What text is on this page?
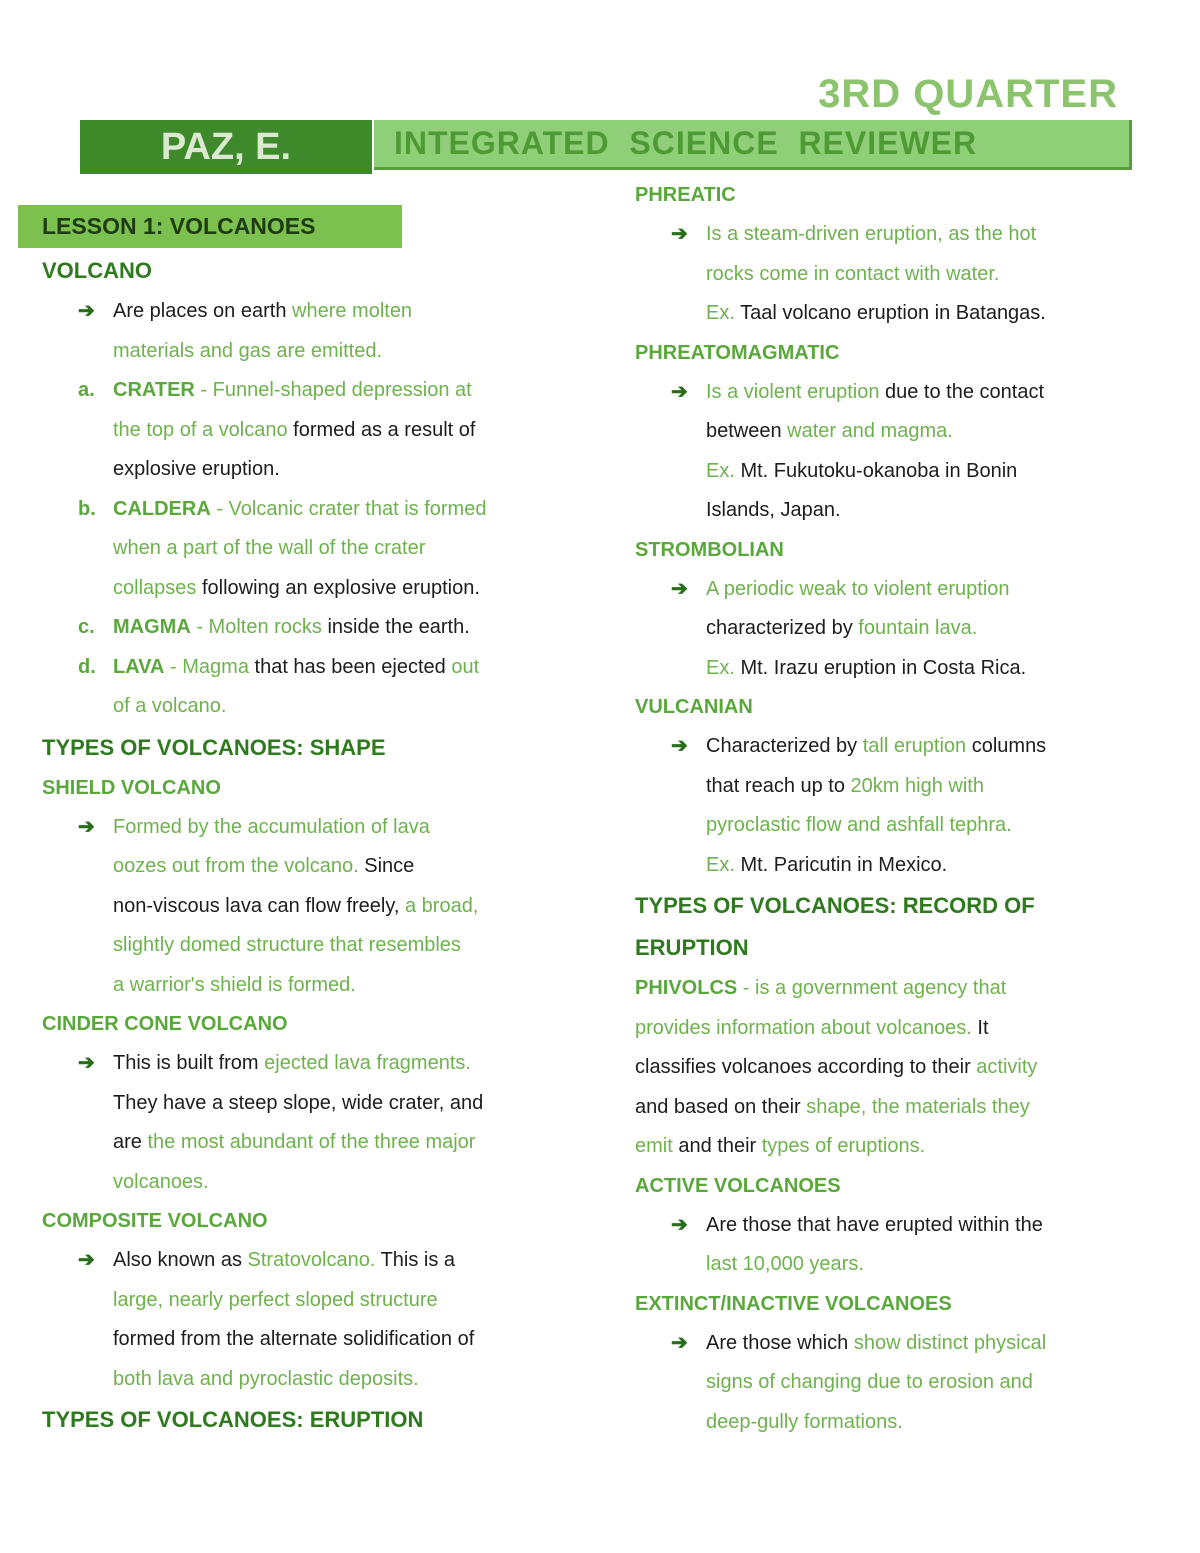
3RD QUARTER
PAZ, E.	INTEGRATED  SCIENCE  REVIEWER
LESSON 1: VOLCANOES
VOLCANO
➔ Are places on earth where molten
materials and gas are emitted.
a. CRATER - Funnel-shaped depression at
the top of a volcano formed as a result of
explosive eruption.
b. CALDERA - Volcanic crater that is formed
when a part of the wall of the crater
collapses following an explosive eruption.
c. MAGMA - Molten rocks inside the earth.
d. LAVA - Magma that has been ejected out
of a volcano.
TYPES OF VOLCANOES: SHAPE
SHIELD VOLCANO
➔ Formed by the accumulation of lava
oozes out from the volcano. Since
non-viscous lava can flow freely, a broad,
slightly domed structure that resembles
a warrior's shield is formed.
CINDER CONE VOLCANO
➔ This is built from ejected lava fragments.
They have a steep slope, wide crater, and
are the most abundant of the three major
volcanoes.
COMPOSITE VOLCANO
➔ Also known as Stratovolcano. This is a
large, nearly perfect sloped structure
formed from the alternate solidification of
both lava and pyroclastic deposits.
TYPES OF VOLCANOES: ERUPTION
PHREATIC
➔ Is a steam-driven eruption, as the hot
rocks come in contact with water.
Ex. Taal volcano eruption in Batangas.
PHREATOMAGMATIC
➔ Is a violent eruption due to the contact
between water and magma.
Ex. Mt. Fukutoku-okanoba in Bonin
Islands, Japan.
STROMBOLIAN
➔ A periodic weak to violent eruption
characterized by fountain lava.
Ex. Mt. Irazu eruption in Costa Rica.
VULCANIAN
➔ Characterized by tall eruption columns
that reach up to 20km high with
pyroclastic flow and ashfall tephra.
Ex. Mt. Paricutin in Mexico.
TYPES OF VOLCANOES: RECORD OF
ERUPTION
PHIVOLCS - is a government agency that
provides information about volcanoes. It
classifies volcanoes according to their activity
and based on their shape, the materials they
emit and their types of eruptions.
ACTIVE VOLCANOES
➔ Are those that have erupted within the
last 10,000 years.
EXTINCT/INACTIVE VOLCANOES
➔ Are those which show distinct physical
signs of changing due to erosion and
deep-gully formations.
